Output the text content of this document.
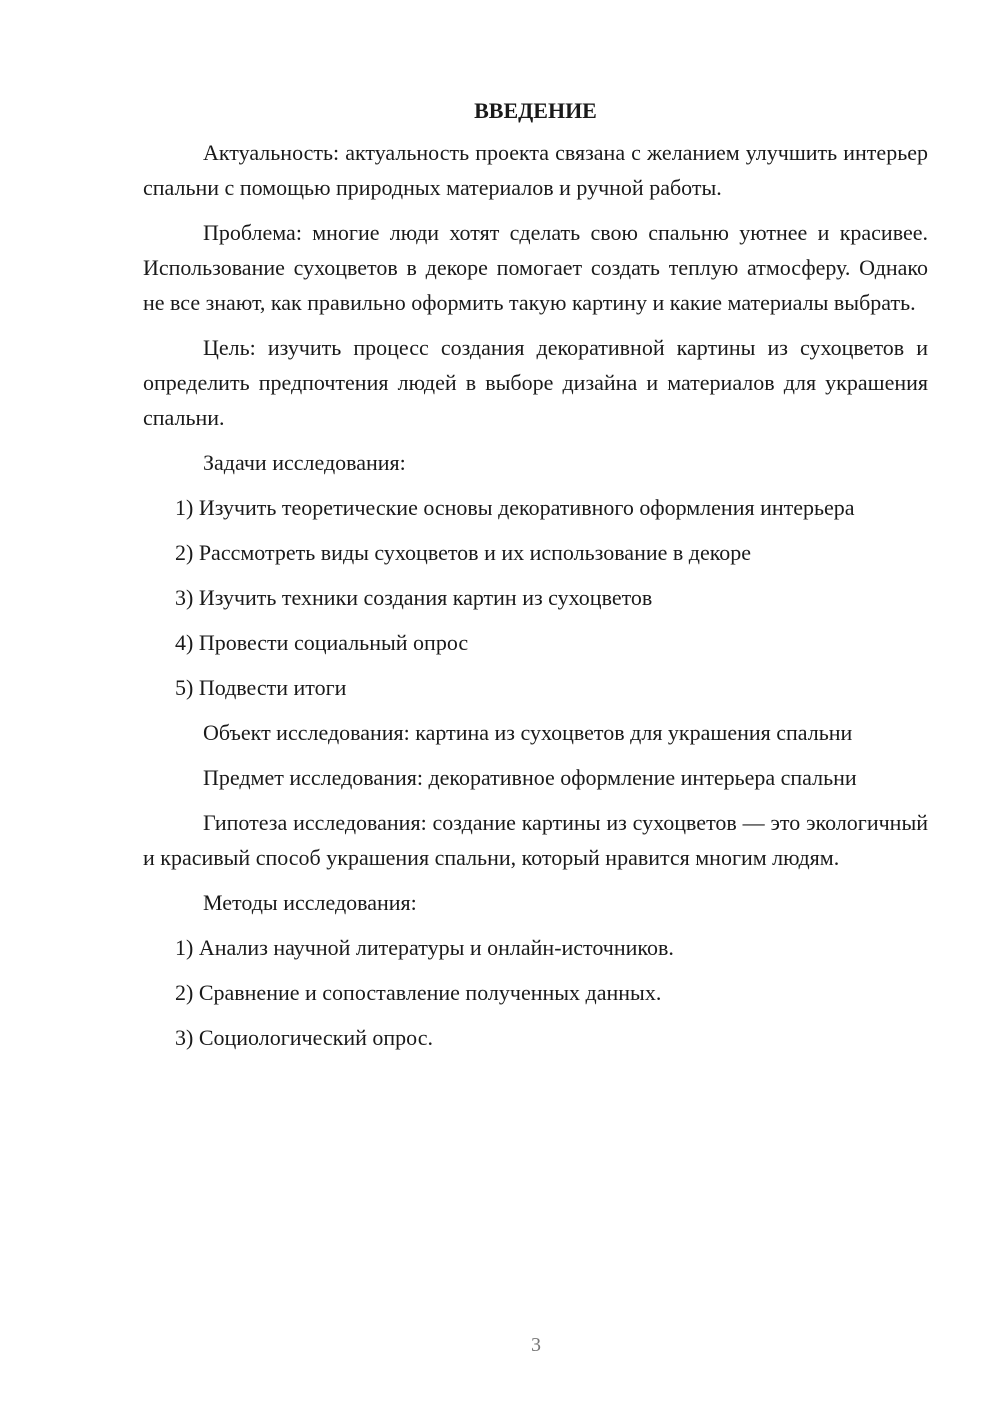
ВВЕДЕНИЕ

Актуальность: актуальность проекта связана с желанием улучшить интерьер спальни с помощью природных материалов и ручной работы.

Проблема: многие люди хотят сделать свою спальню уютнее и красивее. Использование сухоцветов в декоре помогает создать теплую атмосферу. Однако не все знают, как правильно оформить такую картину и какие материалы выбрать.

Цель: изучить процесс создания декоративной картины из сухоцветов и определить предпочтения людей в выборе дизайна и материалов для украшения спальни.

Задачи исследования:

1) Изучить теоретические основы декоративного оформления интерьера

2) Рассмотреть виды сухоцветов и их использование в декоре

3) Изучить техники создания картин из сухоцветов

4) Провести социальный опрос

5) Подвести итоги

Объект исследования: картина из сухоцветов для украшения спальни

Предмет исследования: декоративное оформление интерьера спальни

Гипотеза исследования: создание картины из сухоцветов — это экологичный и красивый способ украшения спальни, который нравится многим людям.

Методы исследования:

1) Анализ научной литературы и онлайн-источников.

2) Сравнение и сопоставление полученных данных.

3) Социологический опрос.

3
